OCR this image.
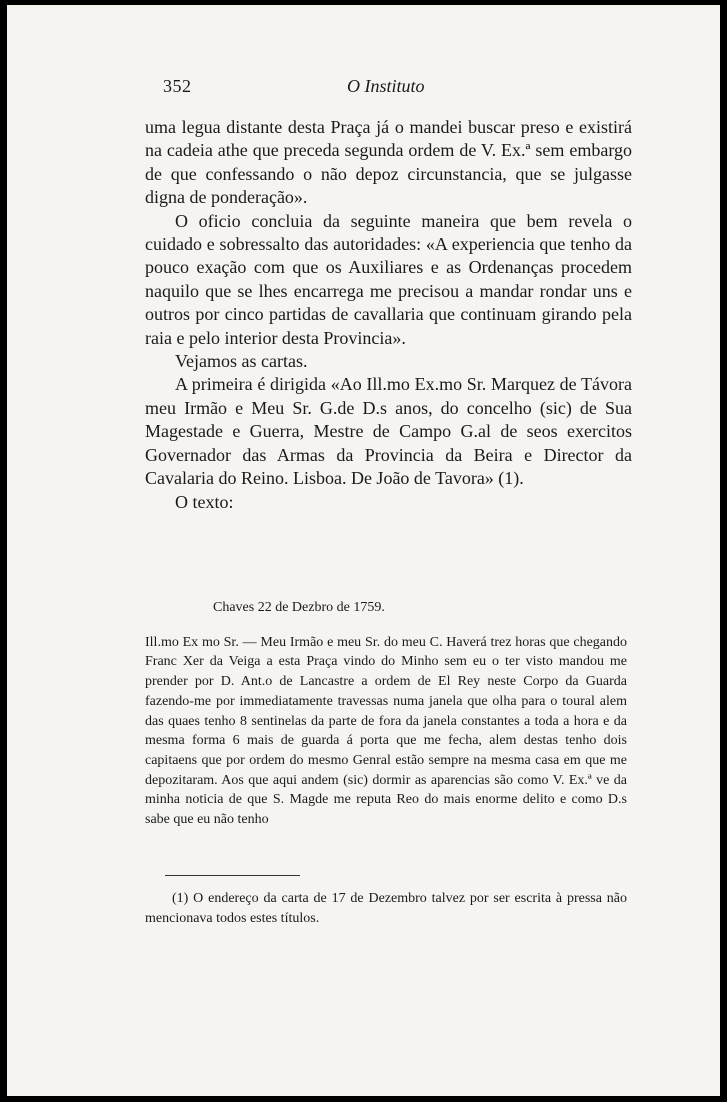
352	O Instituto

uma legua distante desta Praça já o mandei buscar preso e existirá na cadeia athe que preceda segunda ordem de V. Ex.ª sem embargo de que confessando o não depoz circunstancia, que se julgasse digna de ponderação».

O oficio concluia da seguinte maneira que bem revela o cuidado e sobressalto das autoridades: «A experiencia que tenho da pouco exação com que os Auxiliares e as Ordenanças procedem naquilo que se lhes encarrega me precisou a mandar rondar uns e outros por cinco partidas de cavallaria que continuam girando pela raia e pelo interior desta Provincia».

Vejamos as cartas.

A primeira é dirigida «Ao Ill.mo Ex.mo Sr. Marquez de Távora meu Irmão e Meu Sr. G.de D.s anos, do concelho (sic) de Sua Magestade e Guerra, Mestre de Campo G.al de seos exercitos Governador das Armas da Provincia da Beira e Director da Cavalaria do Reino. Lisboa. De João de Tavora» (1).

O texto:

Chaves 22 de Dezbro de 1759.

Ill.mo Ex mo Sr. — Meu Irmão e meu Sr. do meu C. Haverá trez horas que chegando Franc Xer da Veiga a esta Praça vindo do Minho sem eu o ter visto mandou me prender por D. Ant.o de Lancastre a ordem de El Rey neste Corpo da Guarda fazendo-me por immediatamente travessas numa janela que olha para o toural alem das quaes tenho 8 sentinelas da parte de fora da janela constantes a toda a hora e da mesma forma 6 mais de guarda á porta que me fecha, alem destas tenho dois capitaens que por ordem do mesmo Genral estão sempre na mesma casa em que me depozitaram. Aos que aqui andem (sic) dormir as aparencias são como V. Ex.ª ve da minha noticia de que S. Magde me reputa Reo do mais enorme delito e como D.s sabe que eu não tenho

(1) O endereço da carta de 17 de Dezembro talvez por ser escrita à pressa não mencionava todos estes títulos.
